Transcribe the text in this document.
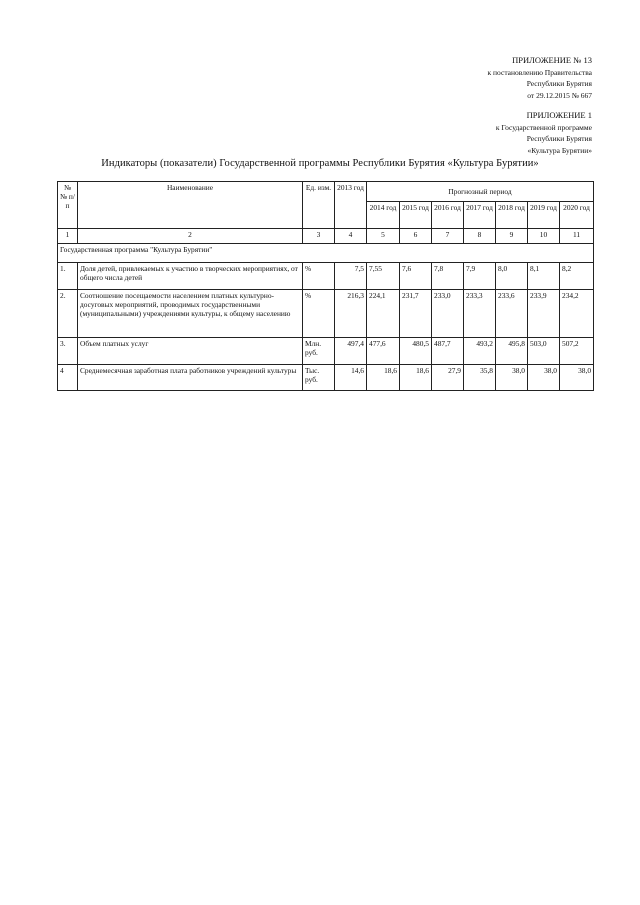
ПРИЛОЖЕНИЕ № 13
к постановлению Правительства
Республики Бурятия
от 29.12.2015 № 667
ПРИЛОЖЕНИЕ 1
к Государственной программе
Республики Бурятия
«Культура Бурятии»
Индикаторы (показатели) Государственной программы Республики Бурятия «Культура Бурятии»
№ № п/п	Наименование	Ед. изм.	2013 год	Прогнозный период						
				2014 год	2015 год	2016 год	2017 год	2018 год	2019 год	2020 год
1	2	3	4	5	6	7	8	9	10	11
Государственная программа "Культура Бурятии"										
1.	Доля детей, привлекаемых к участию в творческих мероприятиях, от общего числа детей	%	7,5	7,55	7,6	7,8	7,9	8,0	8,1	8,2
2.	Соотношение посещаемости населением платных культурно-досуговых мероприятий, проводимых государственными (муниципальными) учреждениями культуры, к общему населению	%	216,3	224,1	231,7	233,0	233,3	233,6	233,9	234,2
3.	Объем платных услуг	Млн. руб.	497,4	477,6	480,5	487,7	493,2	495,8	503,0	507,2
4	Среднемесячная заработная плата работников учреждений культуры	Тыс. руб.	14,6	18,6	18,6	27,9	35,8	38,0	38,0	38,0
